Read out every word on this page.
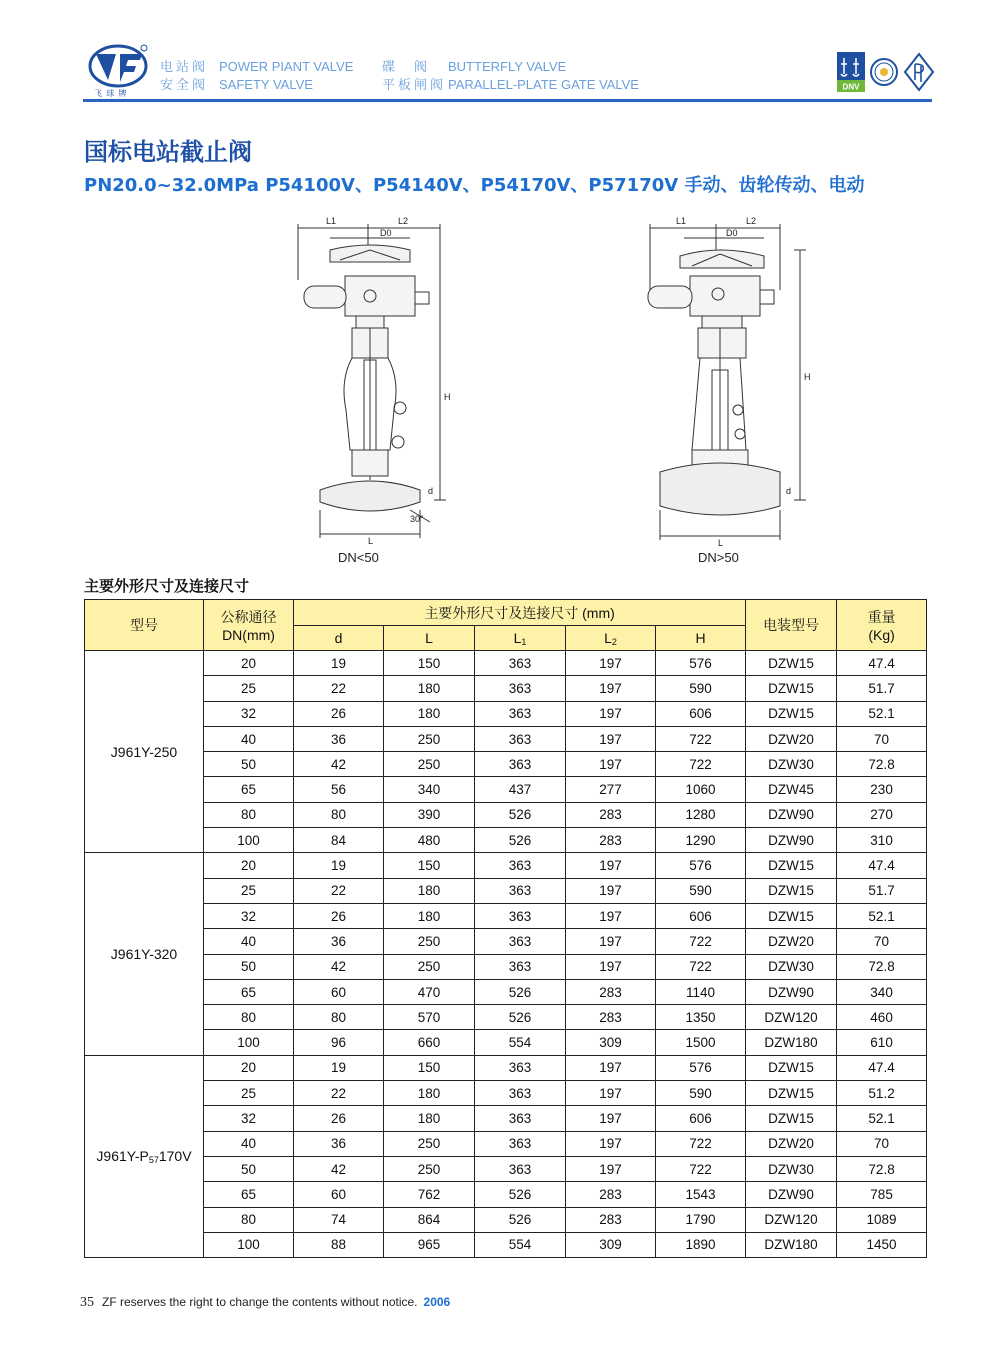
飞 球 牌
电站阀
安全阀
POWER PIANT VALVE
SAFETY VALVE
碟　阀
平板闸阀
BUTTERFLY VALVE
PARALLEL-PLATE GATE VALVE	DNV
国标电站截止阀
PN20.0~32.0MPa P54100V、P54140V、P54170V、P57170V 手动、齿轮传动、电动
L1	L2
D0
H
d
30°
L
DN<50
L1	L2
D0
H
d
L
DN>50
主要外形尺寸及连接尺寸
型号	公称通径
DN(mm)	主要外形尺寸及连接尺寸 (mm)					电装型号	重量
(Kg)
		d	L	$L_1$	$L_2$	H		
J961Y-250	20	19	150	363	197	576	DZW15	47.4
	25	22	180	363	197	590	DZW15	51.7
	32	26	180	363	197	606	DZW15	52.1
	40	36	250	363	197	722	DZW20	70
	50	42	250	363	197	722	DZW30	72.8
	65	56	340	437	277	1060	DZW45	230
	80	80	390	526	283	1280	DZW90	270
	100	84	480	526	283	1290	DZW90	310
J961Y-320	20	19	150	363	197	576	DZW15	47.4
	25	22	180	363	197	590	DZW15	51.7
	32	26	180	363	197	606	DZW15	52.1
	40	36	250	363	197	722	DZW20	70
	50	42	250	363	197	722	DZW30	72.8
	65	60	470	526	283	1140	DZW90	340
	80	80	570	526	283	1350	DZW120	460
	100	96	660	554	309	1500	DZW180	610
$J961Y-P_{57}170V$	20	19	150	363	197	576	DZW15	47.4
	25	22	180	363	197	590	DZW15	51.2
	32	26	180	363	197	606	DZW15	52.1
	40	36	250	363	197	722	DZW20	70
	50	42	250	363	197	722	DZW30	72.8
	65	60	762	526	283	1543	DZW90	785
	80	74	864	526	283	1790	DZW120	1089
	100	88	965	554	309	1890	DZW180	1450
35 ZF reserves the right to change the contents without notice. 2006
